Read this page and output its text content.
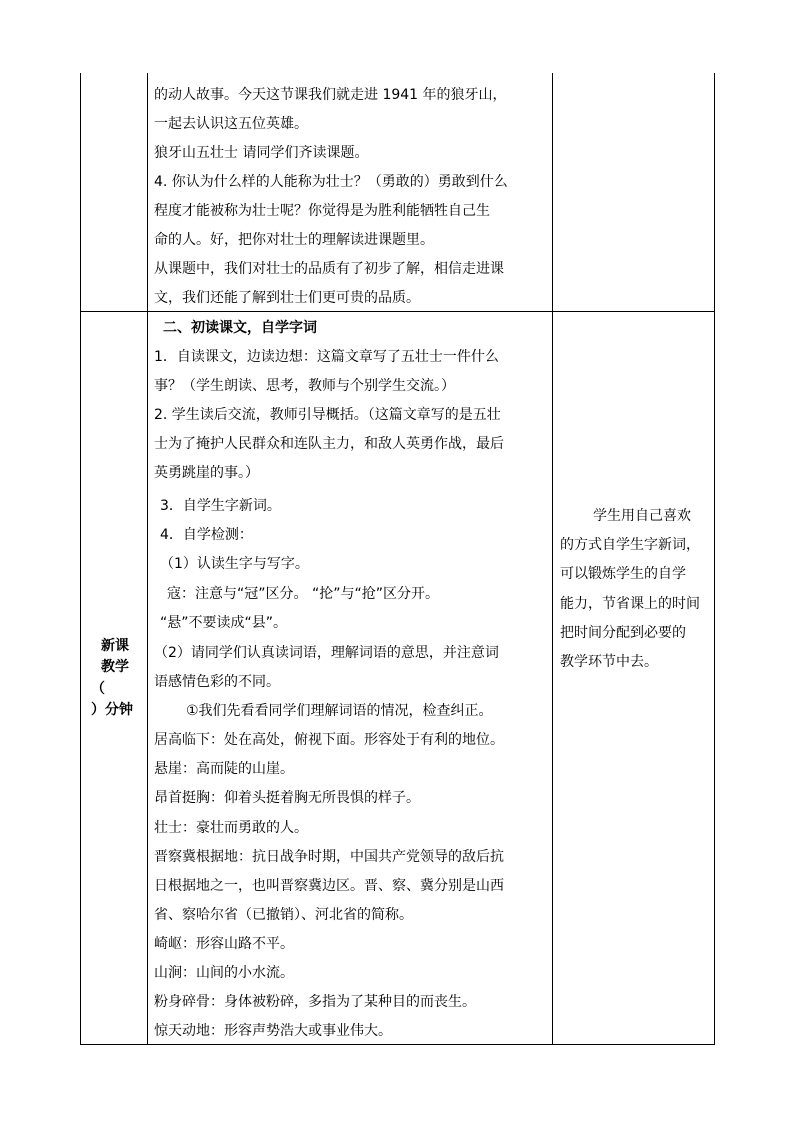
新课
教学
（
）分钟
的动人故事。今天这节课我们就走进 1941 年的狼牙山，
一起去认识这五位英雄。
狼牙山五壮士 请同学们齐读课题。
4. 你认为什么样的人能称为壮士？（勇敢的）勇敢到什么
程度才能被称为壮士呢？你觉得是为胜利能牺牲自己生
命的人。好，把你对壮士的理解读进课题里。
从课题中，我们对壮士的品质有了初步了解，相信走进课
文，我们还能了解到壮士们更可贵的品质。
二、初读课文，自学字词
1．自读课文，边读边想：这篇文章写了五壮士一件什么
事？（学生朗读、思考，教师与个别学生交流。）
2. 学生读后交流，教师引导概括。（这篇文章写的是五壮
士为了掩护人民群众和连队主力，和敌人英勇作战，最后
英勇跳崖的事。）
3．自学生字新词。
4．自学检测：
（1）认读生字与写字。
寇：注意与“冠”区分。 “抡”与“抢”区分开。
“悬”不要读成“县”。
（2）请同学们认真读词语，理解词语的意思，并注意词
语感情色彩的不同。
①我们先看看同学们理解词语的情况，检查纠正。
居高临下：处在高处，俯视下面。形容处于有利的地位。
悬崖：高而陡的山崖。
昂首挺胸：仰着头挺着胸无所畏惧的样子。
壮士：豪壮而勇敢的人。
晋察冀根据地：抗日战争时期，中国共产党领导的敌后抗
日根据地之一，也叫晋察冀边区。晋、察、冀分别是山西
省、察哈尔省（已撤销）、河北省的简称。
崎岖：形容山路不平。
山涧：山间的小水流。
粉身碎骨：身体被粉碎，多指为了某种目的而丧生。
惊天动地：形容声势浩大或事业伟大。
学生用自己喜欢
的方式自学生字新词，
可以锻炼学生的自学
能力，节省课上的时间
把时间分配到必要的
教学环节中去。
